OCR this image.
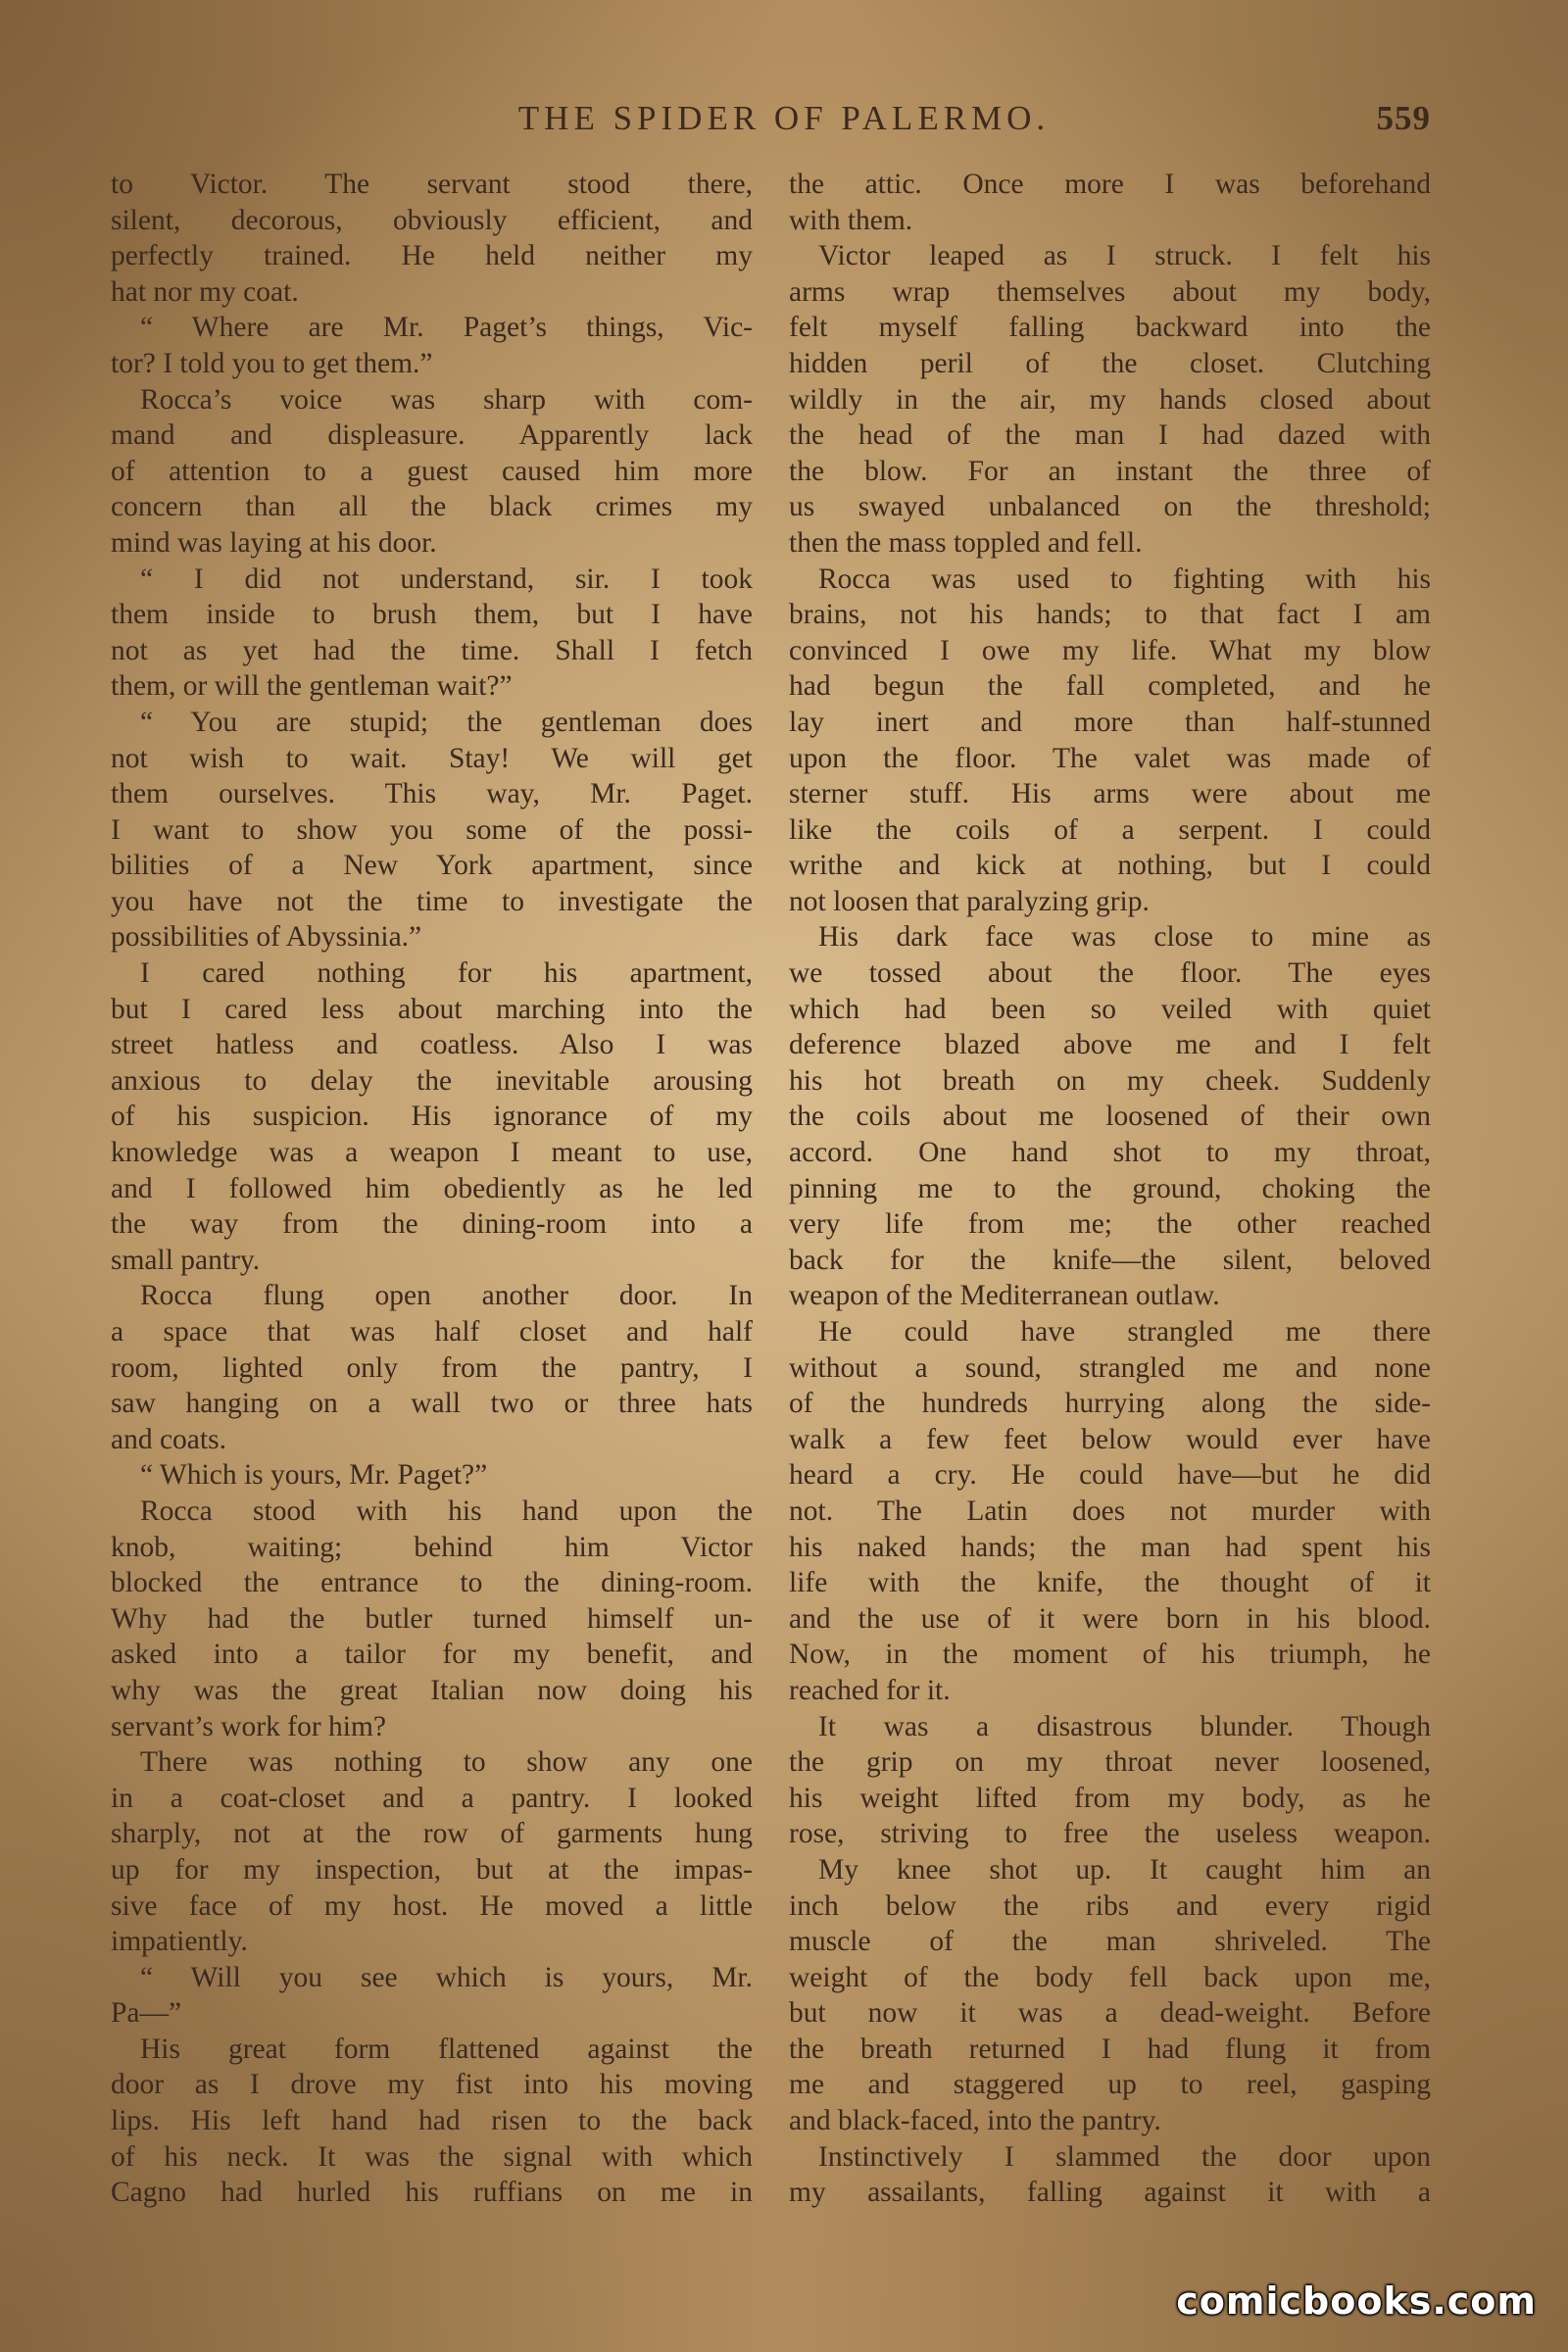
THE SPIDER OF PALERMO.	559
to Victor. The servant stood there,
silent, decorous, obviously efficient, and
perfectly trained. He held neither my
hat nor my coat.
“ Where are Mr. Paget’s things, Vic-
tor? I told you to get them.”
Rocca’s voice was sharp with com-
mand and displeasure. Apparently lack
of attention to a guest caused him more
concern than all the black crimes my
mind was laying at his door.
“ I did not understand, sir. I took
them inside to brush them, but I have
not as yet had the time. Shall I fetch
them, or will the gentleman wait?”
“ You are stupid; the gentleman does
not wish to wait. Stay! We will get
them ourselves. This way, Mr. Paget.
I want to show you some of the possi-
bilities of a New York apartment, since
you have not the time to investigate the
possibilities of Abyssinia.”
I cared nothing for his apartment,
but I cared less about marching into the
street hatless and coatless. Also I was
anxious to delay the inevitable arousing
of his suspicion. His ignorance of my
knowledge was a weapon I meant to use,
and I followed him obediently as he led
the way from the dining-room into a
small pantry.
Rocca flung open another door. In
a space that was half closet and half
room, lighted only from the pantry, I
saw hanging on a wall two or three hats
and coats.
“ Which is yours, Mr. Paget?”
Rocca stood with his hand upon the
knob, waiting; behind him Victor
blocked the entrance to the dining-room.
Why had the butler turned himself un-
asked into a tailor for my benefit, and
why was the great Italian now doing his
servant’s work for him?
There was nothing to show any one
in a coat-closet and a pantry. I looked
sharply, not at the row of garments hung
up for my inspection, but at the impas-
sive face of my host. He moved a little
impatiently.
“ Will you see which is yours, Mr.
Pa—”
His great form flattened against the
door as I drove my fist into his moving
lips. His left hand had risen to the back
of his neck. It was the signal with which
Cagno had hurled his ruffians on me in
the attic. Once more I was beforehand
with them.
Victor leaped as I struck. I felt his
arms wrap themselves about my body,
felt myself falling backward into the
hidden peril of the closet. Clutching
wildly in the air, my hands closed about
the head of the man I had dazed with
the blow. For an instant the three of
us swayed unbalanced on the threshold;
then the mass toppled and fell.
Rocca was used to fighting with his
brains, not his hands; to that fact I am
convinced I owe my life. What my blow
had begun the fall completed, and he
lay inert and more than half-stunned
upon the floor. The valet was made of
sterner stuff. His arms were about me
like the coils of a serpent. I could
writhe and kick at nothing, but I could
not loosen that paralyzing grip.
His dark face was close to mine as
we tossed about the floor. The eyes
which had been so veiled with quiet
deference blazed above me and I felt
his hot breath on my cheek. Suddenly
the coils about me loosened of their own
accord. One hand shot to my throat,
pinning me to the ground, choking the
very life from me; the other reached
back for the knife—the silent, beloved
weapon of the Mediterranean outlaw.
He could have strangled me there
without a sound, strangled me and none
of the hundreds hurrying along the side-
walk a few feet below would ever have
heard a cry. He could have—but he did
not. The Latin does not murder with
his naked hands; the man had spent his
life with the knife, the thought of it
and the use of it were born in his blood.
Now, in the moment of his triumph, he
reached for it.
It was a disastrous blunder. Though
the grip on my throat never loosened,
his weight lifted from my body, as he
rose, striving to free the useless weapon.
My knee shot up. It caught him an
inch below the ribs and every rigid
muscle of the man shriveled. The
weight of the body fell back upon me,
but now it was a dead-weight. Before
the breath returned I had flung it from
me and staggered up to reel, gasping
and black-faced, into the pantry.
Instinctively I slammed the door upon
my assailants, falling against it with a
comicbooks.com
